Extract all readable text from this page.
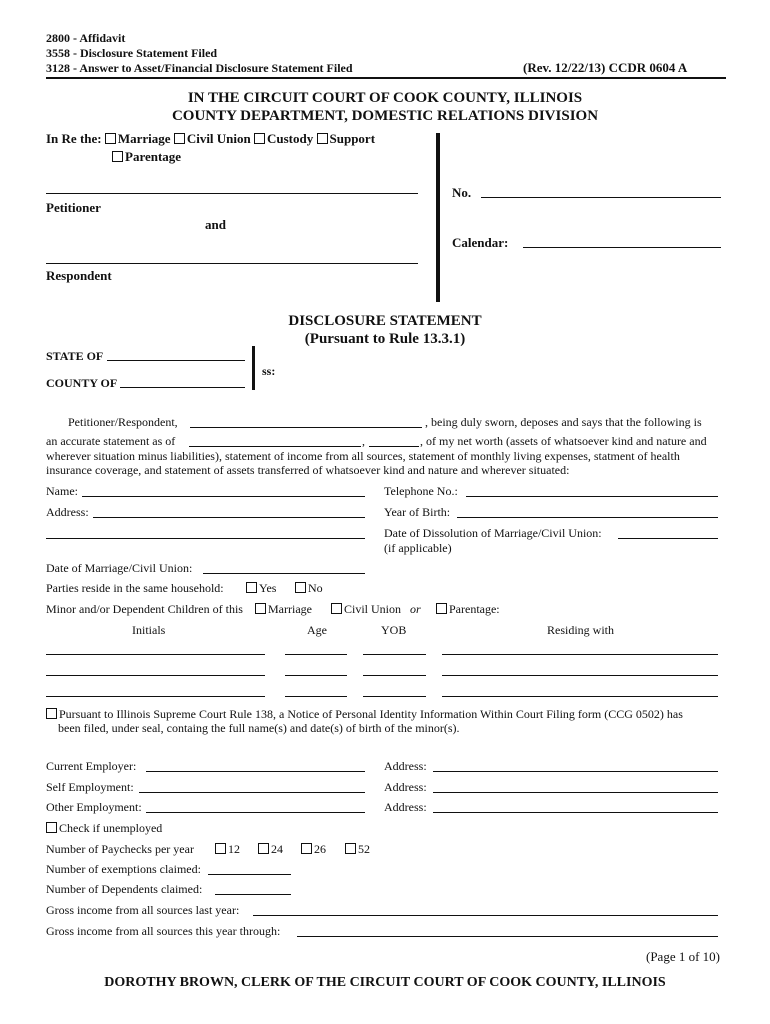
2800 - Affidavit
3558 - Disclosure Statement Filed
3128 - Answer to Asset/Financial Disclosure Statement Filed	(Rev. 12/22/13) CCDR 0604 A
IN THE CIRCUIT COURT OF COOK COUNTY, ILLINOIS
COUNTY DEPARTMENT, DOMESTIC RELATIONS DIVISION
In Re the: Marriage Civil Union Custody Support
Parentage
Petitioner
and
Respondent
No.
Calendar:
DISCLOSURE STATEMENT
(Pursuant to Rule 13.3.1)
STATE OF
COUNTY OF
ss:
Petitioner/Respondent,	, being duly sworn, deposes and says that the following is
an accurate statement as of	,	, of my net worth (assets of whatsoever kind and nature and
wherever situation minus liabilities), statement of income from all sources, statement of monthly living expenses, statment of health
insurance coverage, and statement of assets transferred of whatsoever kind and nature and wherever situated:
Name:	Telephone No.:
Address:	Year of Birth:
Date of Dissolution of Marriage/Civil Union:
(if applicable)
Date of Marriage/Civil Union:
Parties reside in the same household:	Yes	No
Minor and/or Dependent Children of this	Marriage	Civil Union or	Parentage:
Initials	Age	YOB	Residing with
Pursuant to Illinois Supreme Court Rule 138, a Notice of Personal Identity Information Within Court Filing form (CCG 0502) has
been filed, under seal, containg the full name(s) and date(s) of birth of the minor(s).
Current Employer:	Address:
Self Employment:	Address:
Other Employment:	Address:
Check if unemployed
Number of Paychecks per year	12	24	26	52
Number of exemptions claimed:
Number of Dependents claimed:
Gross income from all sources last year:
Gross income from all sources this year through:
(Page 1 of 10)
DOROTHY BROWN, CLERK OF THE CIRCUIT COURT OF COOK COUNTY, ILLINOIS
